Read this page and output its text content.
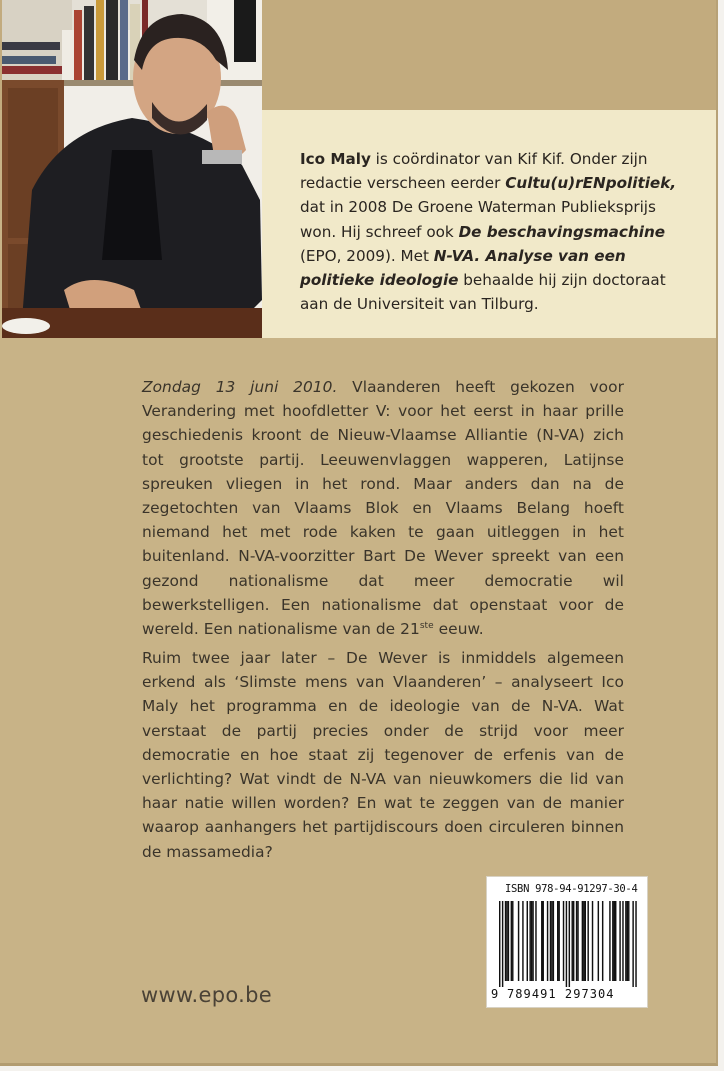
Ico Maly is coördinator van Kif Kif. Onder zijn redactie verscheen eerder Cultu(u)rENpolitiek, dat in 2008 De Groene Waterman Publieksprijs won. Hij schreef ook De beschavingsmachine (EPO, 2009). Met N-VA. Analyse van een politieke ideologie behaalde hij zijn doctoraat aan de Universiteit van Tilburg.

Zondag 13 juni 2010. Vlaanderen heeft gekozen voor Verandering met hoofdletter V: voor het eerst in haar prille geschiedenis kroont de Nieuw-Vlaamse Alliantie (N-VA) zich tot grootste partij. Leeuwenvlaggen wapperen, Latijnse spreuken vliegen in het rond. Maar anders dan na de zegetochten van Vlaams Blok en Vlaams Belang hoeft niemand het met rode kaken te gaan uitleggen in het buitenland. N-VA-voorzitter Bart De Wever spreekt van een gezond nationalisme dat meer democratie wil bewerkstelligen. Een nationalisme dat openstaat voor de wereld. Een nationalisme van de 21ste eeuw.

Ruim twee jaar later – De Wever is inmiddels algemeen erkend als ‘Slimste mens van Vlaanderen’ – analyseert Ico Maly het programma en de ideologie van de N-VA. Wat verstaat de partij precies onder de strijd voor meer democratie en hoe staat zij tegenover de erfenis van de verlichting? Wat vindt de N-VA van nieuwkomers die lid van haar natie willen worden? En wat te zeggen van de manier waarop aanhangers het partijdiscours doen circuleren binnen de massamedia?

www.epo.be

ISBN 978-94-91297-30-4
9 789491 297304
